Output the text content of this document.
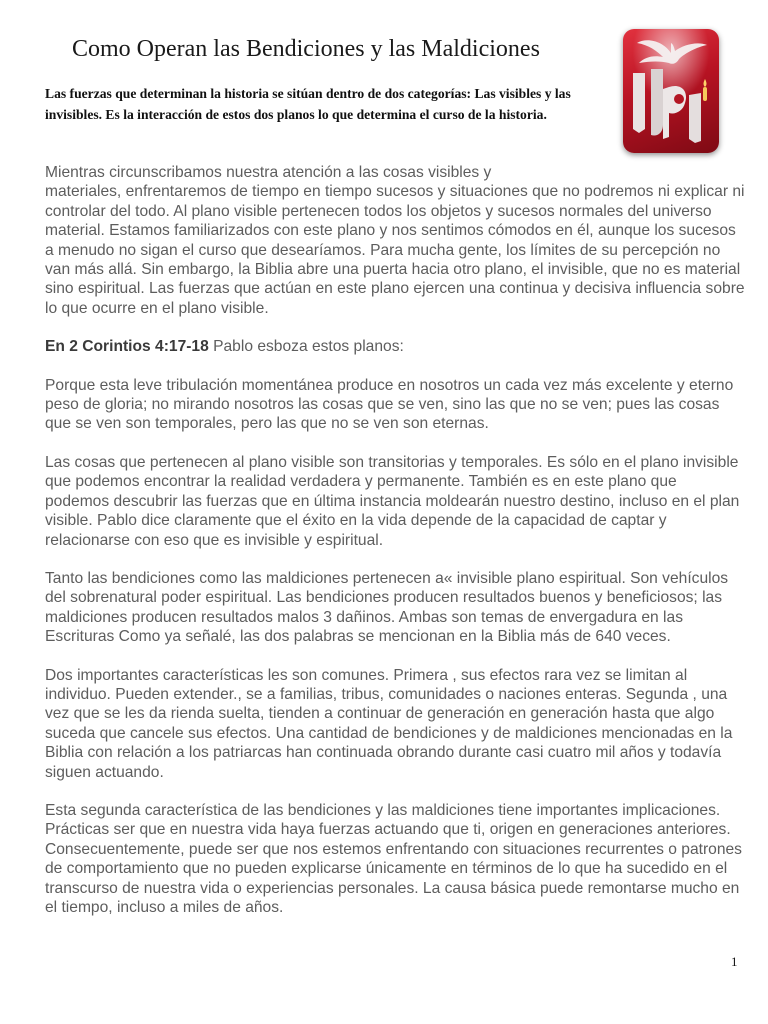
Como Operan las Bendiciones y las Maldiciones

Las fuerzas que determinan la historia se sitúan dentro de dos categorías: Las visibles y las invisibles. Es la interacción de estos dos planos lo que determina el curso de la historia.

Mientras circunscribamos nuestra atención a las cosas visibles y

materiales, enfrentaremos de tiempo en tiempo sucesos y situaciones que no podremos ni explicar ni controlar del todo. Al plano visible pertenecen todos los objetos y sucesos normales del universo material. Estamos familiarizados con este plano y nos sentimos cómodos en él, aunque los sucesos a menudo no sigan el curso que desearíamos. Para mucha gente, los límites de su percepción no van más allá. Sin embargo, la Biblia abre una puerta hacia otro plano, el invisible, que no es material sino espiritual. Las fuerzas que actúan en este plano ejercen una continua y decisiva influencia sobre lo que ocurre en el plano visible.

En 2 Corintios 4:17-18 Pablo esboza estos planos:

Porque esta leve tribulación momentánea produce en nosotros un cada vez más excelente y eterno peso de gloria; no mirando nosotros las cosas que se ven, sino las que no se ven; pues las cosas que se ven son temporales, pero las que no se ven son eternas.

Las cosas que pertenecen al plano visible son transitorias y temporales. Es sólo en el plano invisible que podemos encontrar la realidad verdadera y permanente. También es en este plano que podemos descubrir las fuerzas que en última instancia moldearán nuestro destino, incluso en el plan visible. Pablo dice claramente que el éxito en la vida depende de la capacidad de captar y relacionarse con eso que es invisible y espiritual.

Tanto las bendiciones como las maldiciones pertenecen a« invisible plano espiritual. Son vehículos del sobrenatural poder espiritual. Las bendiciones producen resultados buenos y beneficiosos; las maldiciones producen resultados malos 3 dañinos. Ambas son temas de envergadura en las Escrituras Como ya señalé, las dos palabras se mencionan en la Biblia más de 640 veces.

Dos importantes características les son comunes. Primera , sus efectos rara vez se limitan al individuo. Pueden extender., se a familias, tribus, comunidades o naciones enteras. Segunda , una vez que se les da rienda suelta, tienden a continuar de generación en generación hasta que algo suceda que cancele sus efectos. Una cantidad de bendiciones y de maldiciones mencionadas en la Biblia con relación a los patriarcas han continuada obrando durante casi cuatro mil años y todavía siguen actuando.

Esta segunda característica de las bendiciones y las maldiciones tiene importantes implicaciones. Prácticas ser que en nuestra vida haya fuerzas actuando que ti, origen en generaciones anteriores. Consecuentemente, puede ser que nos estemos enfrentando con situaciones recurrentes o patrones de comportamiento que no pueden explicarse únicamente en términos de lo que ha sucedido en el transcurso de nuestra vida o experiencias personales. La causa básica puede remontarse mucho en el tiempo, incluso a miles de años.

1
